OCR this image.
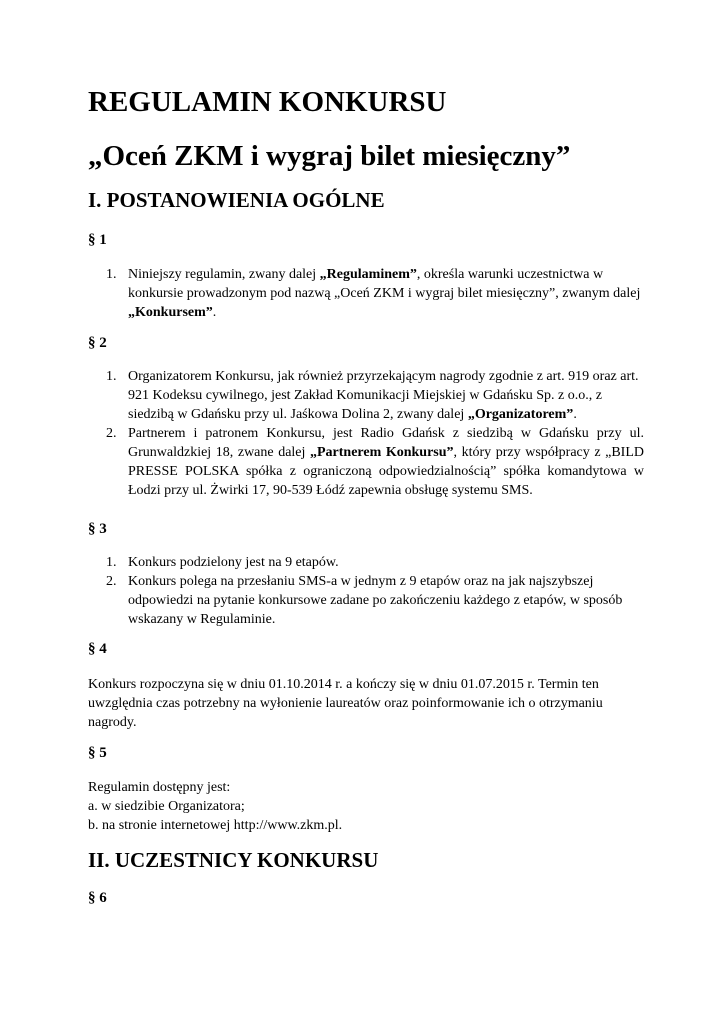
REGULAMIN KONKURSU
„Oceń ZKM i wygraj bilet miesięczny”
I. POSTANOWIENIA OGÓLNE
§ 1
1. Niniejszy regulamin, zwany dalej „Regulaminem”, określa warunki uczestnictwa w konkursie prowadzonym pod nazwą „Oceń ZKM i wygraj bilet miesięczny”, zwanym dalej „Konkursem”.
§ 2
1. Organizatorem Konkursu, jak również przyrzekającym nagrody zgodnie z art. 919 oraz art. 921 Kodeksu cywilnego, jest Zakład Komunikacji Miejskiej w Gdańsku Sp. z o.o., z siedzibą w Gdańsku przy ul. Jaśkowa Dolina 2, zwany dalej „Organizatorem”.
2. Partnerem i patronem Konkursu, jest Radio Gdańsk z siedzibą w Gdańsku przy ul. Grunwaldzkiej 18, zwane dalej „Partnerem Konkursu”, który przy współpracy z „BILD PRESSE POLSKA spółka z ograniczoną odpowiedzialnością” spółka komandytowa w Łodzi przy ul. Żwirki 17, 90-539 Łódź zapewnia obsługę systemu SMS.
§ 3
1. Konkurs podzielony jest na 9 etapów.
2. Konkurs polega na przesłaniu SMS-a w jednym z 9 etapów oraz na jak najszybszej odpowiedzi na pytanie konkursowe zadane po zakończeniu każdego z etapów, w sposób wskazany w Regulaminie.
§ 4
Konkurs rozpoczyna się w dniu 01.10.2014 r. a kończy się w dniu 01.07.2015 r. Termin ten uwzględnia czas potrzebny na wyłonienie laureatów oraz poinformowanie ich o otrzymaniu nagrody.
§ 5
Regulamin dostępny jest:
a. w siedzibie Organizatora;
b. na stronie internetowej http://www.zkm.pl.
II. UCZESTNICY KONKURSU
§ 6
